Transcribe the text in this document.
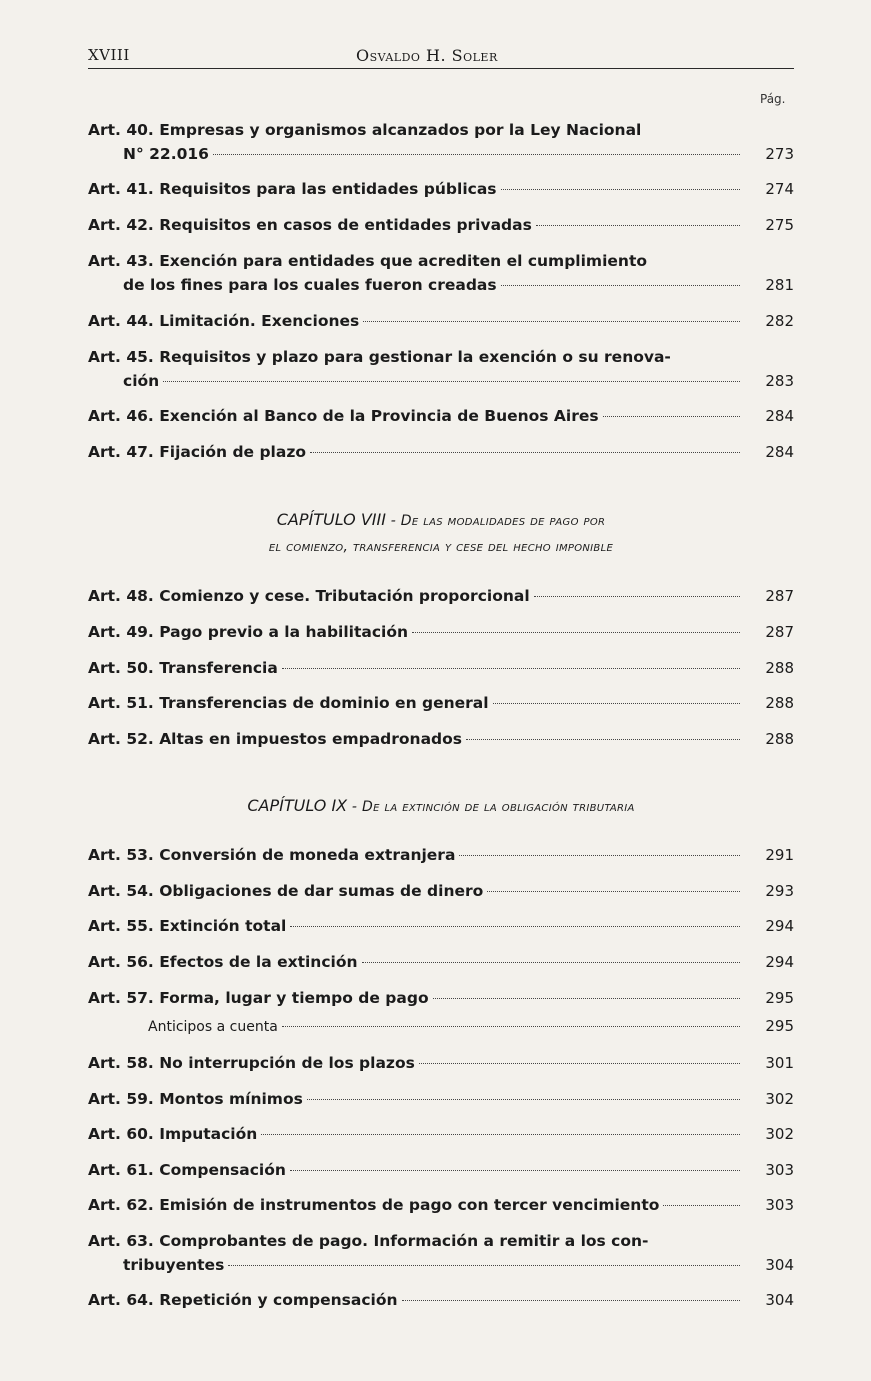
XVIII	Osvaldo H. Soler
Pág.
Art. 40. Empresas y organismos alcanzados por la Ley Nacional
N° 22.016	273
Art. 41. Requisitos para las entidades públicas	274
Art. 42. Requisitos en casos de entidades privadas	275
Art. 43. Exención para entidades que acrediten el cumplimiento
de los fines para los cuales fueron creadas	281
Art. 44. Limitación. Exenciones	282
Art. 45. Requisitos y plazo para gestionar la exención o su renova-
ción	283
Art. 46. Exención al Banco de la Provincia de Buenos Aires	284
Art. 47. Fijación de plazo	284
CAPÍTULO VIII - De las modalidades de pago por
el comienzo, transferencia y cese del hecho imponible
Art. 48. Comienzo y cese. Tributación proporcional	287
Art. 49. Pago previo a la habilitación	287
Art. 50. Transferencia	288
Art. 51. Transferencias de dominio en general	288
Art. 52. Altas en impuestos empadronados	288
CAPÍTULO IX - De la extinción de la obligación tributaria
Art. 53. Conversión de moneda extranjera	291
Art. 54. Obligaciones de dar sumas de dinero	293
Art. 55. Extinción total	294
Art. 56. Efectos de la extinción	294
Art. 57. Forma, lugar y tiempo de pago	295
Anticipos a cuenta	295
Art. 58. No interrupción de los plazos	301
Art. 59. Montos mínimos	302
Art. 60. Imputación	302
Art. 61. Compensación	303
Art. 62. Emisión de instrumentos de pago con tercer vencimiento	303
Art. 63. Comprobantes de pago. Información a remitir a los con-
tribuyentes	304
Art. 64. Repetición y compensación	304
